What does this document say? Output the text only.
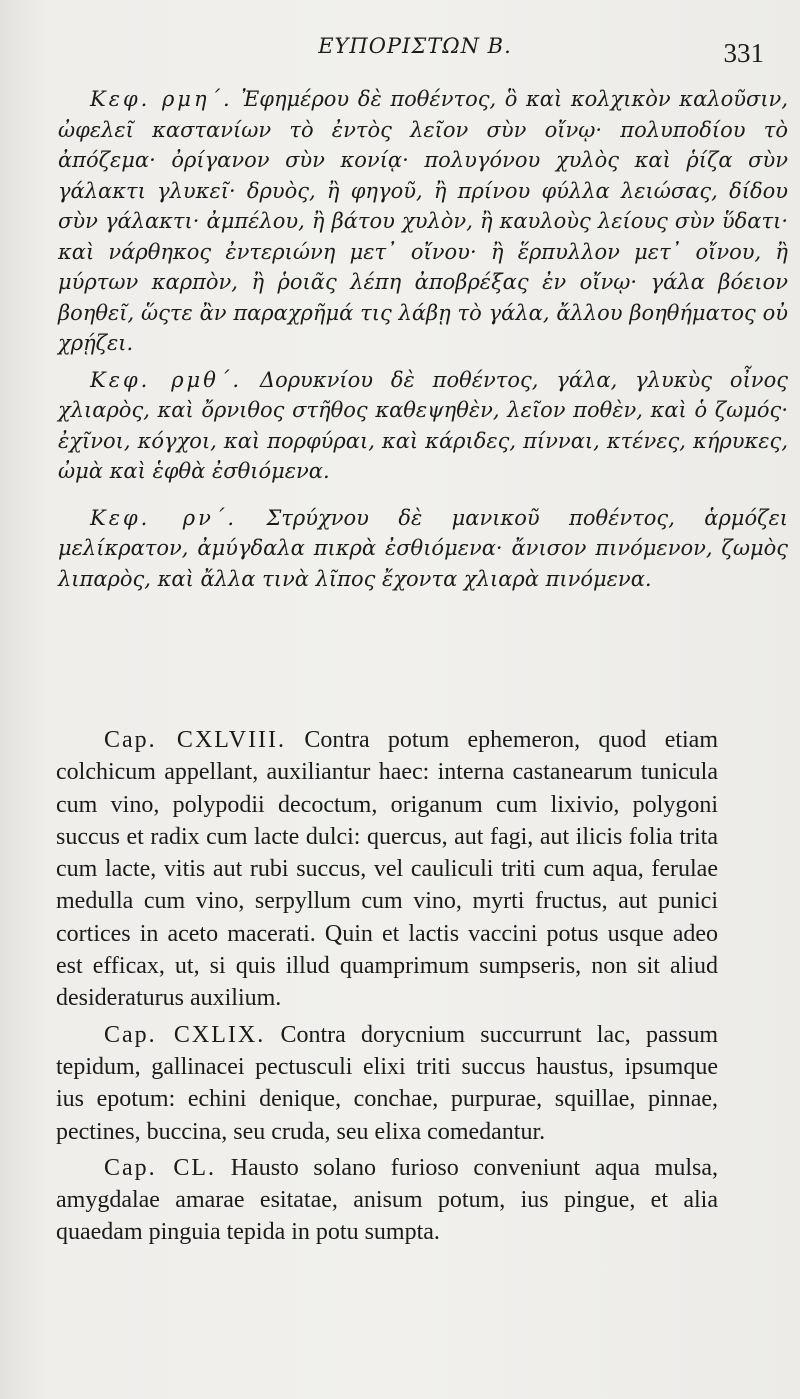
ΕΥΠΟΡΙΣΤΩΝ Β.	331

Κεφ. ρμη΄. Ἐφημέρου δὲ ποθέντος, ὃ καὶ κολχικὸν καλοῦσιν, ὠφελεῖ καστανίων τὸ ἐντὸς λεῖον σὺν οἴνῳ· πολυποδίου τὸ ἀπόζεμα· ὀρίγανον σὺν κονίᾳ· πολυγόνου χυλὸς καὶ ῥίζα σὺν γάλακτι γλυκεῖ· δρυὸς, ἢ φηγοῦ, ἢ πρίνου φύλλα λειώσας, δίδου σὺν γάλακτι· ἀμπέλου, ἢ βάτου χυλὸν, ἢ καυλοὺς λείους σὺν ὕδατι· καὶ νάρθηκος ἐντεριώνη μετ᾽ οἴνου· ἢ ἕρπυλλον μετ᾽ οἴνου, ἢ μύρτων καρπὸν, ἢ ῥοιᾶς λέπη ἀποβρέξας ἐν οἴνῳ· γάλα βόειον βοηθεῖ, ὥςτε ἂν παραχρῆμά τις λάβῃ τὸ γάλα, ἄλλου βοηθήματος οὐ χρῄζει.

Κεφ. ρμθ΄. Δορυκνίου δὲ ποθέντος, γάλα, γλυκὺς οἶνος χλιαρὸς, καὶ ὄρνιθος στῆθος καθεψηθὲν, λεῖον ποθὲν, καὶ ὁ ζωμός· ἐχῖνοι, κόγχοι, καὶ πορφύραι, καὶ κάριδες, πίνναι, κτένες, κήρυκες, ὠμὰ καὶ ἑφθὰ ἐσθιόμενα.

Κεφ. ρν΄. Στρύχνου δὲ μανικοῦ ποθέντος, ἁρμόζει μελίκρατον, ἀμύγδαλα πικρὰ ἐσθιόμενα· ἄνισον πινόμενον, ζωμὸς λιπαρὸς, καὶ ἄλλα τινὰ λῖπος ἔχοντα χλιαρὰ πινόμενα.

Cap. CXLVIII. Contra potum ephemeron, quod etiam colchicum appellant, auxiliantur haec: interna castanearum tunicula cum vino, polypodii decoctum, origanum cum lixivio, polygoni succus et radix cum lacte dulci: quercus, aut fagi, aut ilicis folia trita cum lacte, vitis aut rubi succus, vel cauliculi triti cum aqua, ferulae medulla cum vino, serpyllum cum vino, myrti fructus, aut punici cortices in aceto macerati. Quin et lactis vaccini potus usque adeo est efficax, ut, si quis illud quamprimum sumpseris, non sit aliud desideraturus auxilium.

Cap. CXLIX. Contra dorycnium succurrunt lac, passum tepidum, gallinacei pectusculi elixi triti succus haustus, ipsumque ius epotum: echini denique, conchae, purpurae, squillae, pinnae, pectines, buccina, seu cruda, seu elixa comedantur.

Cap. CL. Hausto solano furioso conveniunt aqua mulsa, amygdalae amarae esitatae, anisum potum, ius pingue, et alia quaedam pinguia tepida in potu sumpta.
